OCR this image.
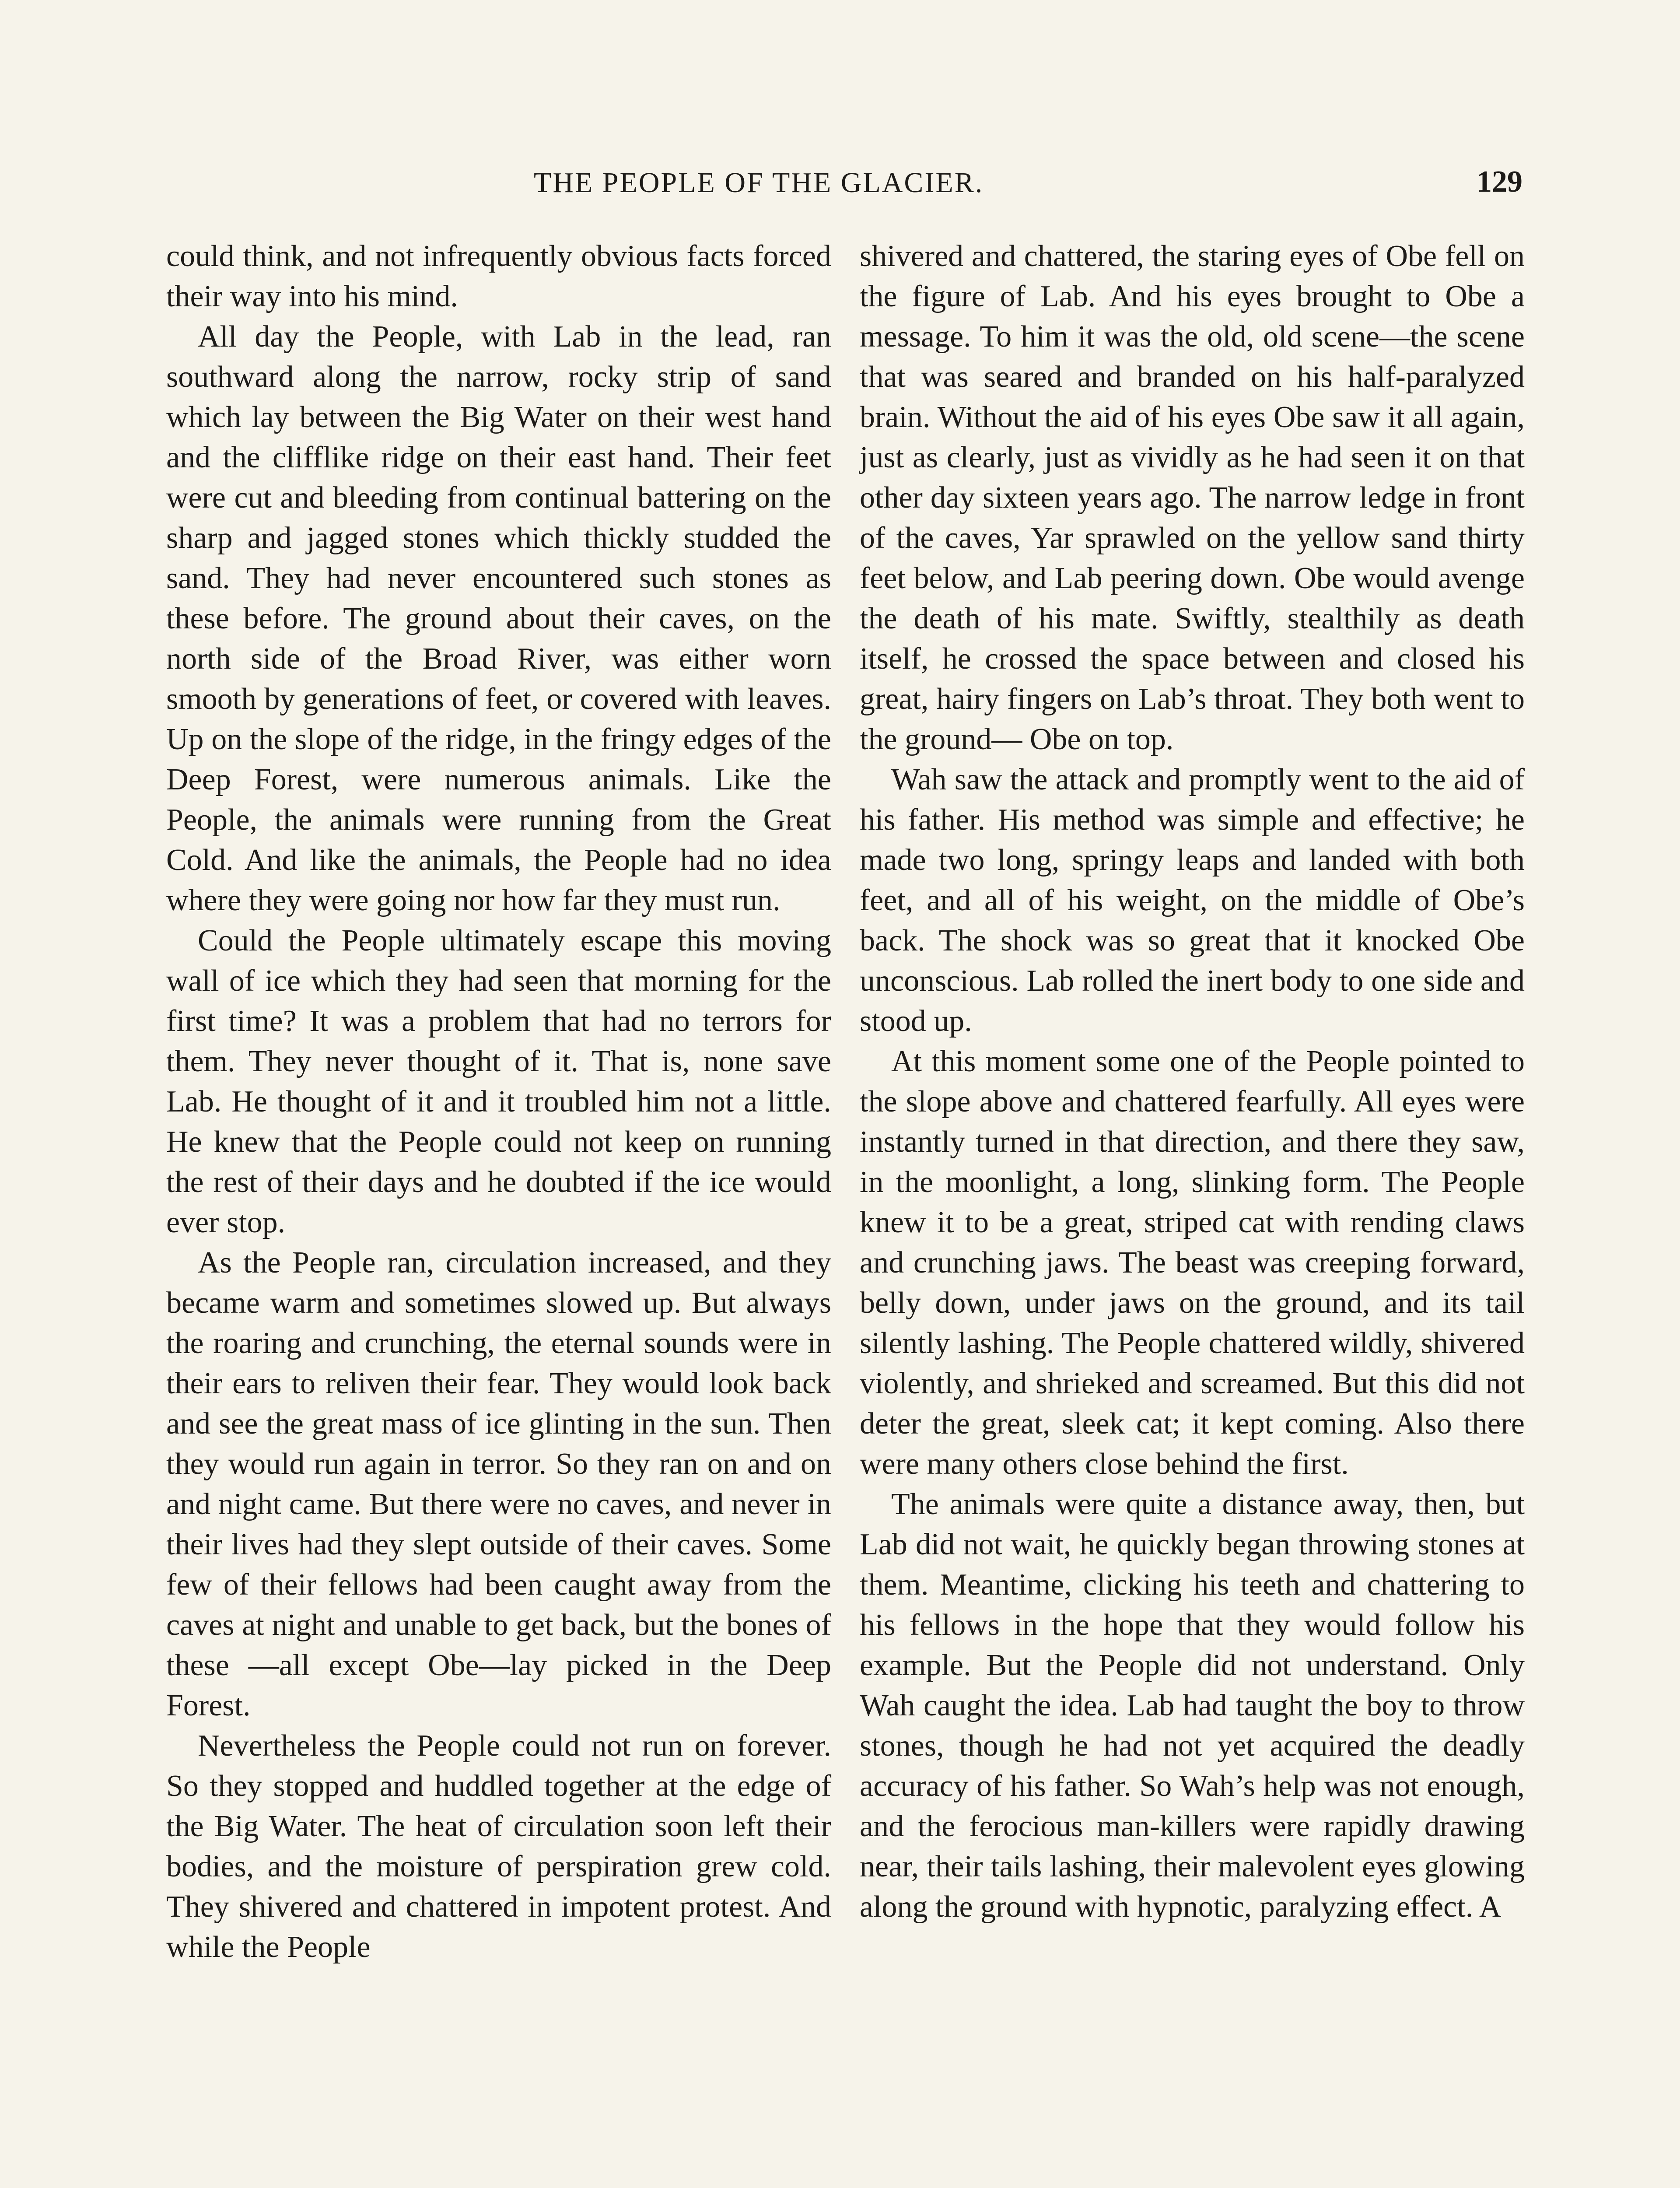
THE PEOPLE OF THE GLACIER.	129

could think, and not infrequently obvious facts forced their way into his mind.

All day the People, with Lab in the lead, ran southward along the narrow, rocky strip of sand which lay between the Big Water on their west hand and the clifflike ridge on their east hand. Their feet were cut and bleeding from continual battering on the sharp and jagged stones which thickly studded the sand. They had never encountered such stones as these before. The ground about their caves, on the north side of the Broad River, was either worn smooth by generations of feet, or covered with leaves. Up on the slope of the ridge, in the fringy edges of the Deep Forest, were numerous animals. Like the People, the animals were running from the Great Cold. And like the animals, the People had no idea where they were going nor how far they must run.

Could the People ultimately escape this moving wall of ice which they had seen that morning for the first time? It was a problem that had no terrors for them. They never thought of it. That is, none save Lab. He thought of it and it troubled him not a little. He knew that the People could not keep on running the rest of their days and he doubted if the ice would ever stop.

As the People ran, circulation increased, and they became warm and sometimes slowed up. But always the roaring and crunching, the eternal sounds were in their ears to reliven their fear. They would look back and see the great mass of ice glinting in the sun. Then they would run again in terror. So they ran on and on and night came. But there were no caves, and never in their lives had they slept outside of their caves. Some few of their fellows had been caught away from the caves at night and unable to get back, but the bones of these —all except Obe—lay picked in the Deep Forest.

Nevertheless the People could not run on forever. So they stopped and huddled together at the edge of the Big Water. The heat of circulation soon left their bodies, and the moisture of perspiration grew cold. They shivered and chattered in impotent protest. And while the People

shivered and chattered, the staring eyes of Obe fell on the figure of Lab. And his eyes brought to Obe a message. To him it was the old, old scene—the scene that was seared and branded on his half-paralyzed brain. Without the aid of his eyes Obe saw it all again, just as clearly, just as vividly as he had seen it on that other day sixteen years ago. The narrow ledge in front of the caves, Yar sprawled on the yellow sand thirty feet below, and Lab peering down. Obe would avenge the death of his mate. Swiftly, stealthily as death itself, he crossed the space between and closed his great, hairy fingers on Lab’s throat. They both went to the ground— Obe on top.

Wah saw the attack and promptly went to the aid of his father. His method was simple and effective; he made two long, springy leaps and landed with both feet, and all of his weight, on the middle of Obe’s back. The shock was so great that it knocked Obe unconscious. Lab rolled the inert body to one side and stood up.

At this moment some one of the People pointed to the slope above and chattered fearfully. All eyes were instantly turned in that direction, and there they saw, in the moonlight, a long, slinking form. The People knew it to be a great, striped cat with rending claws and crunching jaws. The beast was creeping forward, belly down, under jaws on the ground, and its tail silently lashing. The People chattered wildly, shivered violently, and shrieked and screamed. But this did not deter the great, sleek cat; it kept coming. Also there were many others close behind the first.

The animals were quite a distance away, then, but Lab did not wait, he quickly began throwing stones at them. Meantime, clicking his teeth and chattering to his fellows in the hope that they would follow his example. But the People did not understand. Only Wah caught the idea. Lab had taught the boy to throw stones, though he had not yet acquired the deadly accuracy of his father. So Wah’s help was not enough, and the ferocious man-killers were rapidly drawing near, their tails lashing, their malevolent eyes glowing along the ground with hypnotic, paralyzing effect. A
